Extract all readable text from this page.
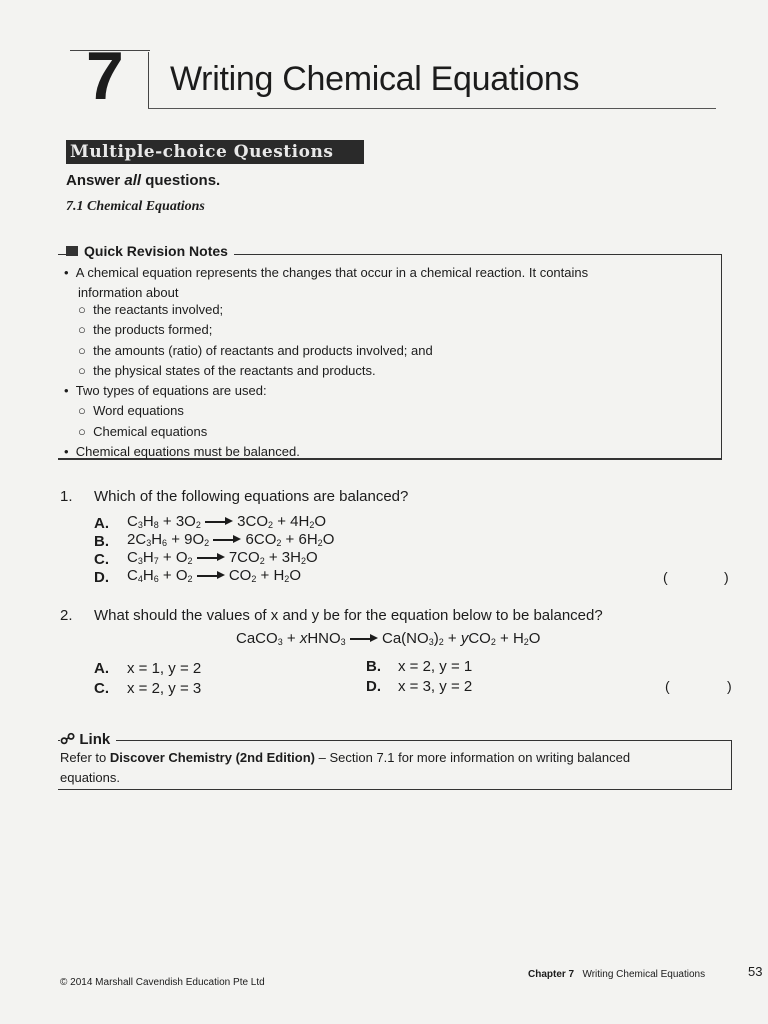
7 Writing Chemical Equations
Multiple-choice Questions
Answer all questions.
7.1 Chemical Equations
Quick Revision Notes
•  A chemical equation represents the changes that occur in a chemical reaction. It contains
information about
○  the reactants involved;
○  the products formed;
○  the amounts (ratio) of reactants and products involved; and
○  the physical states of the reactants and products.
•  Two types of equations are used:
○  Word equations
○  Chemical equations
•  Chemical equations must be balanced.
1. Which of the following equations are balanced?
A. $C_3H_8 + 3O_2$  $3CO_2 + 4H_2O$
B. $2C_3H_6 + 9O_2$  $6CO_2 + 6H_2O$
C. $C_3H_7 + O_2$  $7CO_2 + 3H_2O$
D. $C_4H_6 + O_2$  $CO_2 + H_2O$	(	)
2. What should the values of x and y be for the equation below to be balanced?
CaCO$_3$ + xHNO$_3$  $Ca(NO_3)_2 + yCO_2 + H_2O$
A. x = 1, y = 2	B. x = 2, y = 1
C. x = 2, y = 3	D. x = 3, y = 2	(	)
☍ Link
Refer to Discover Chemistry (2nd Edition) – Section 7.1 for more information on writing balanced
equations.
© 2014 Marshall Cavendish Education Pte Ltd
Chapter 7 Writing Chemical Equations	53
